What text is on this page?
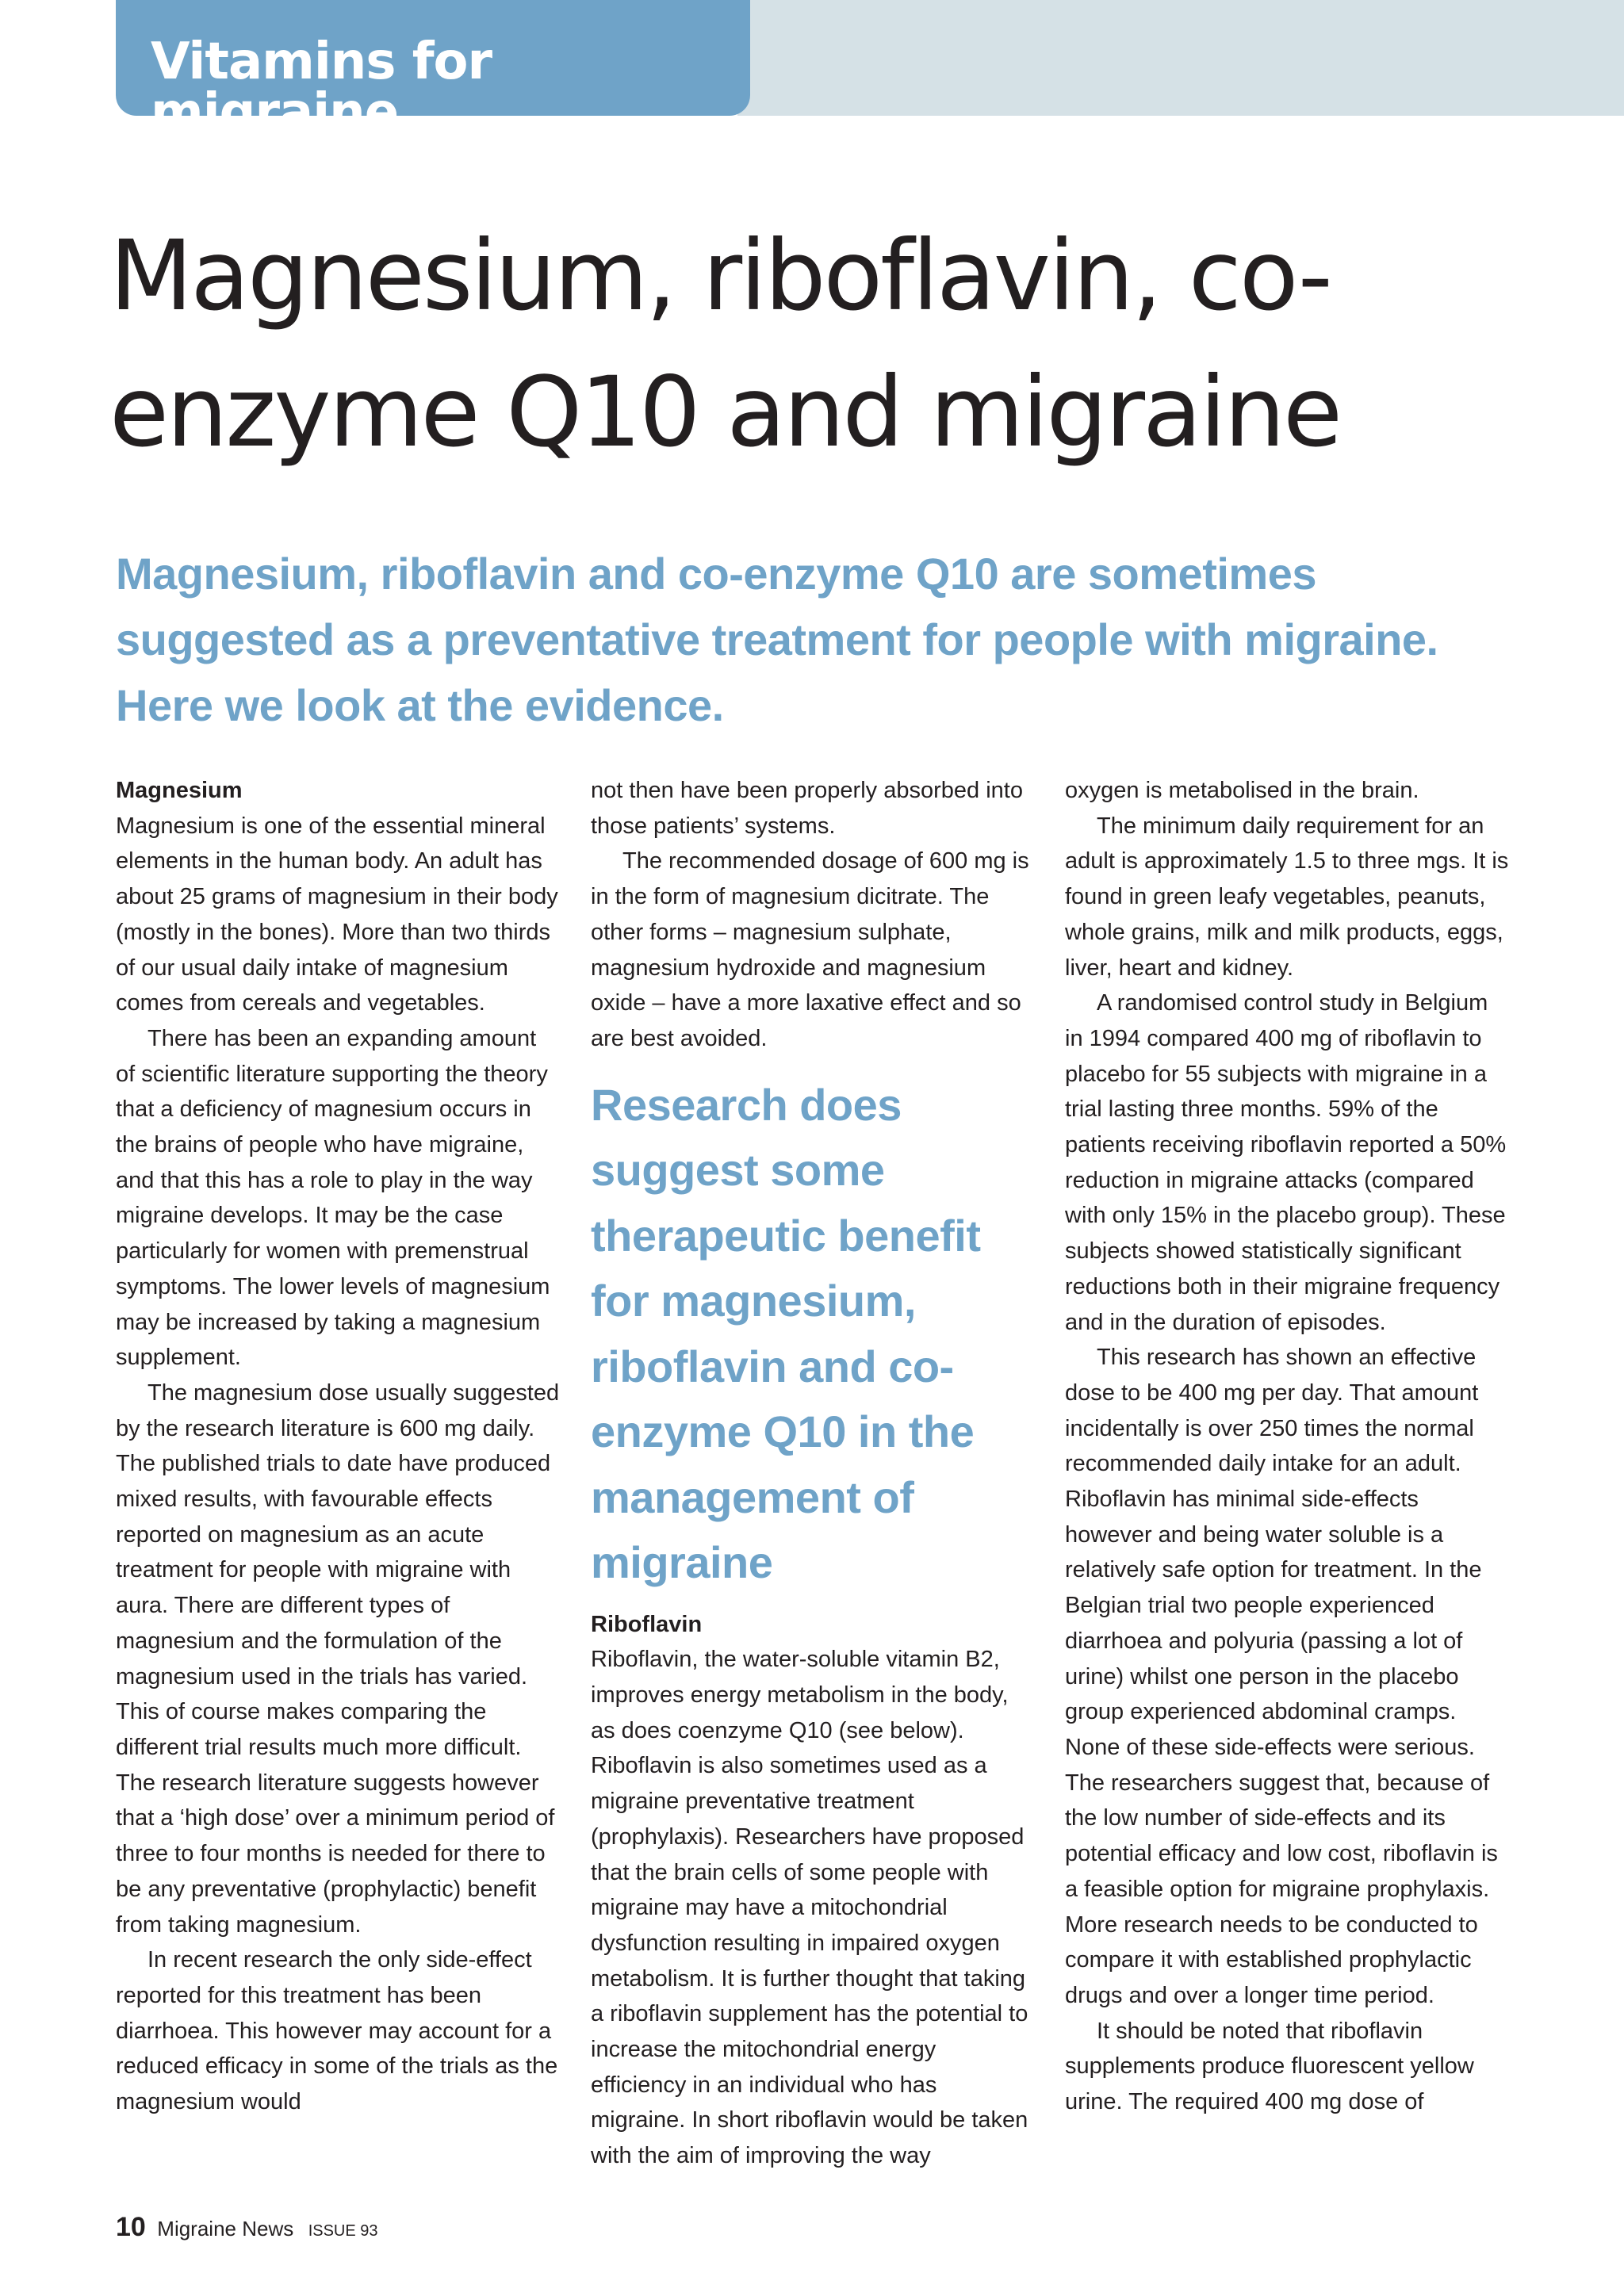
Vitamins for migraine
Magnesium, riboflavin, co-enzyme Q10 and migraine

Magnesium, riboflavin and co-enzyme Q10 are sometimes suggested as a preventative treatment for people with migraine. Here we look at the evidence.

Magnesium

Magnesium is one of the essential mineral elements in the human body. An adult has about 25 grams of magnesium in their body (mostly in the bones). More than two thirds of our usual daily intake of magnesium comes from cereals and vegetables.

There has been an expanding amount of scientific literature supporting the theory that a deficiency of magnesium occurs in the brains of people who have migraine, and that this has a role to play in the way migraine develops. It may be the case particularly for women with premenstrual symptoms. The lower levels of magnesium may be increased by taking a magnesium supplement.

The magnesium dose usually suggested by the research literature is 600 mg daily. The published trials to date have produced mixed results, with favourable effects reported on magnesium as an acute treatment for people with migraine with aura. There are different types of magnesium and the formulation of the magnesium used in the trials has varied. This of course makes comparing the different trial results much more difficult. The research literature suggests however that a ‘high dose’ over a minimum period of three to four months is needed for there to be any preventative (prophylactic) benefit from taking magnesium.

In recent research the only side-effect reported for this treatment has been diarrhoea. This however may account for a reduced efficacy in some of the trials as the magnesium would

not then have been properly absorbed into those patients’ systems.

The recommended dosage of 600 mg is in the form of magnesium dicitrate. The other forms – magnesium sulphate, magnesium hydroxide and magnesium oxide – have a more laxative effect and so are best avoided.

Research does suggest some therapeutic benefit for magnesium, riboflavin and co-enzyme Q10 in the management of migraine
Riboflavin

Riboflavin, the water-soluble vitamin B2, improves energy metabolism in the body, as does coenzyme Q10 (see below). Riboflavin is also sometimes used as a migraine preventative treatment (prophylaxis). Researchers have proposed that the brain cells of some people with migraine may have a mitochondrial dysfunction resulting in impaired oxygen metabolism. It is further thought that taking a riboflavin supplement has the potential to increase the mitochondrial energy efficiency in an individual who has migraine. In short riboflavin would be taken with the aim of improving the way

oxygen is metabolised in the brain.

The minimum daily requirement for an adult is approximately 1.5 to three mgs. It is found in green leafy vegetables, peanuts, whole grains, milk and milk products, eggs, liver, heart and kidney.

A randomised control study in Belgium in 1994 compared 400 mg of riboflavin to placebo for 55 subjects with migraine in a trial lasting three months. 59% of the patients receiving riboflavin reported a 50% reduction in migraine attacks (compared with only 15% in the placebo group). These subjects showed statistically significant reductions both in their migraine frequency and in the duration of episodes.

This research has shown an effective dose to be 400 mg per day. That amount incidentally is over 250 times the normal recommended daily intake for an adult. Riboflavin has minimal side-effects however and being water soluble is a relatively safe option for treatment. In the Belgian trial two people experienced diarrhoea and polyuria (passing a lot of urine) whilst one person in the placebo group experienced abdominal cramps. None of these side-effects were serious. The researchers suggest that, because of the low number of side-effects and its potential efficacy and low cost, riboflavin is a feasible option for migraine prophylaxis. More research needs to be conducted to compare it with established prophylactic drugs and over a longer time period.

It should be noted that riboflavin supplements produce fluorescent yellow urine. The required 400 mg dose of

10 Migraine News ISSUE 93
